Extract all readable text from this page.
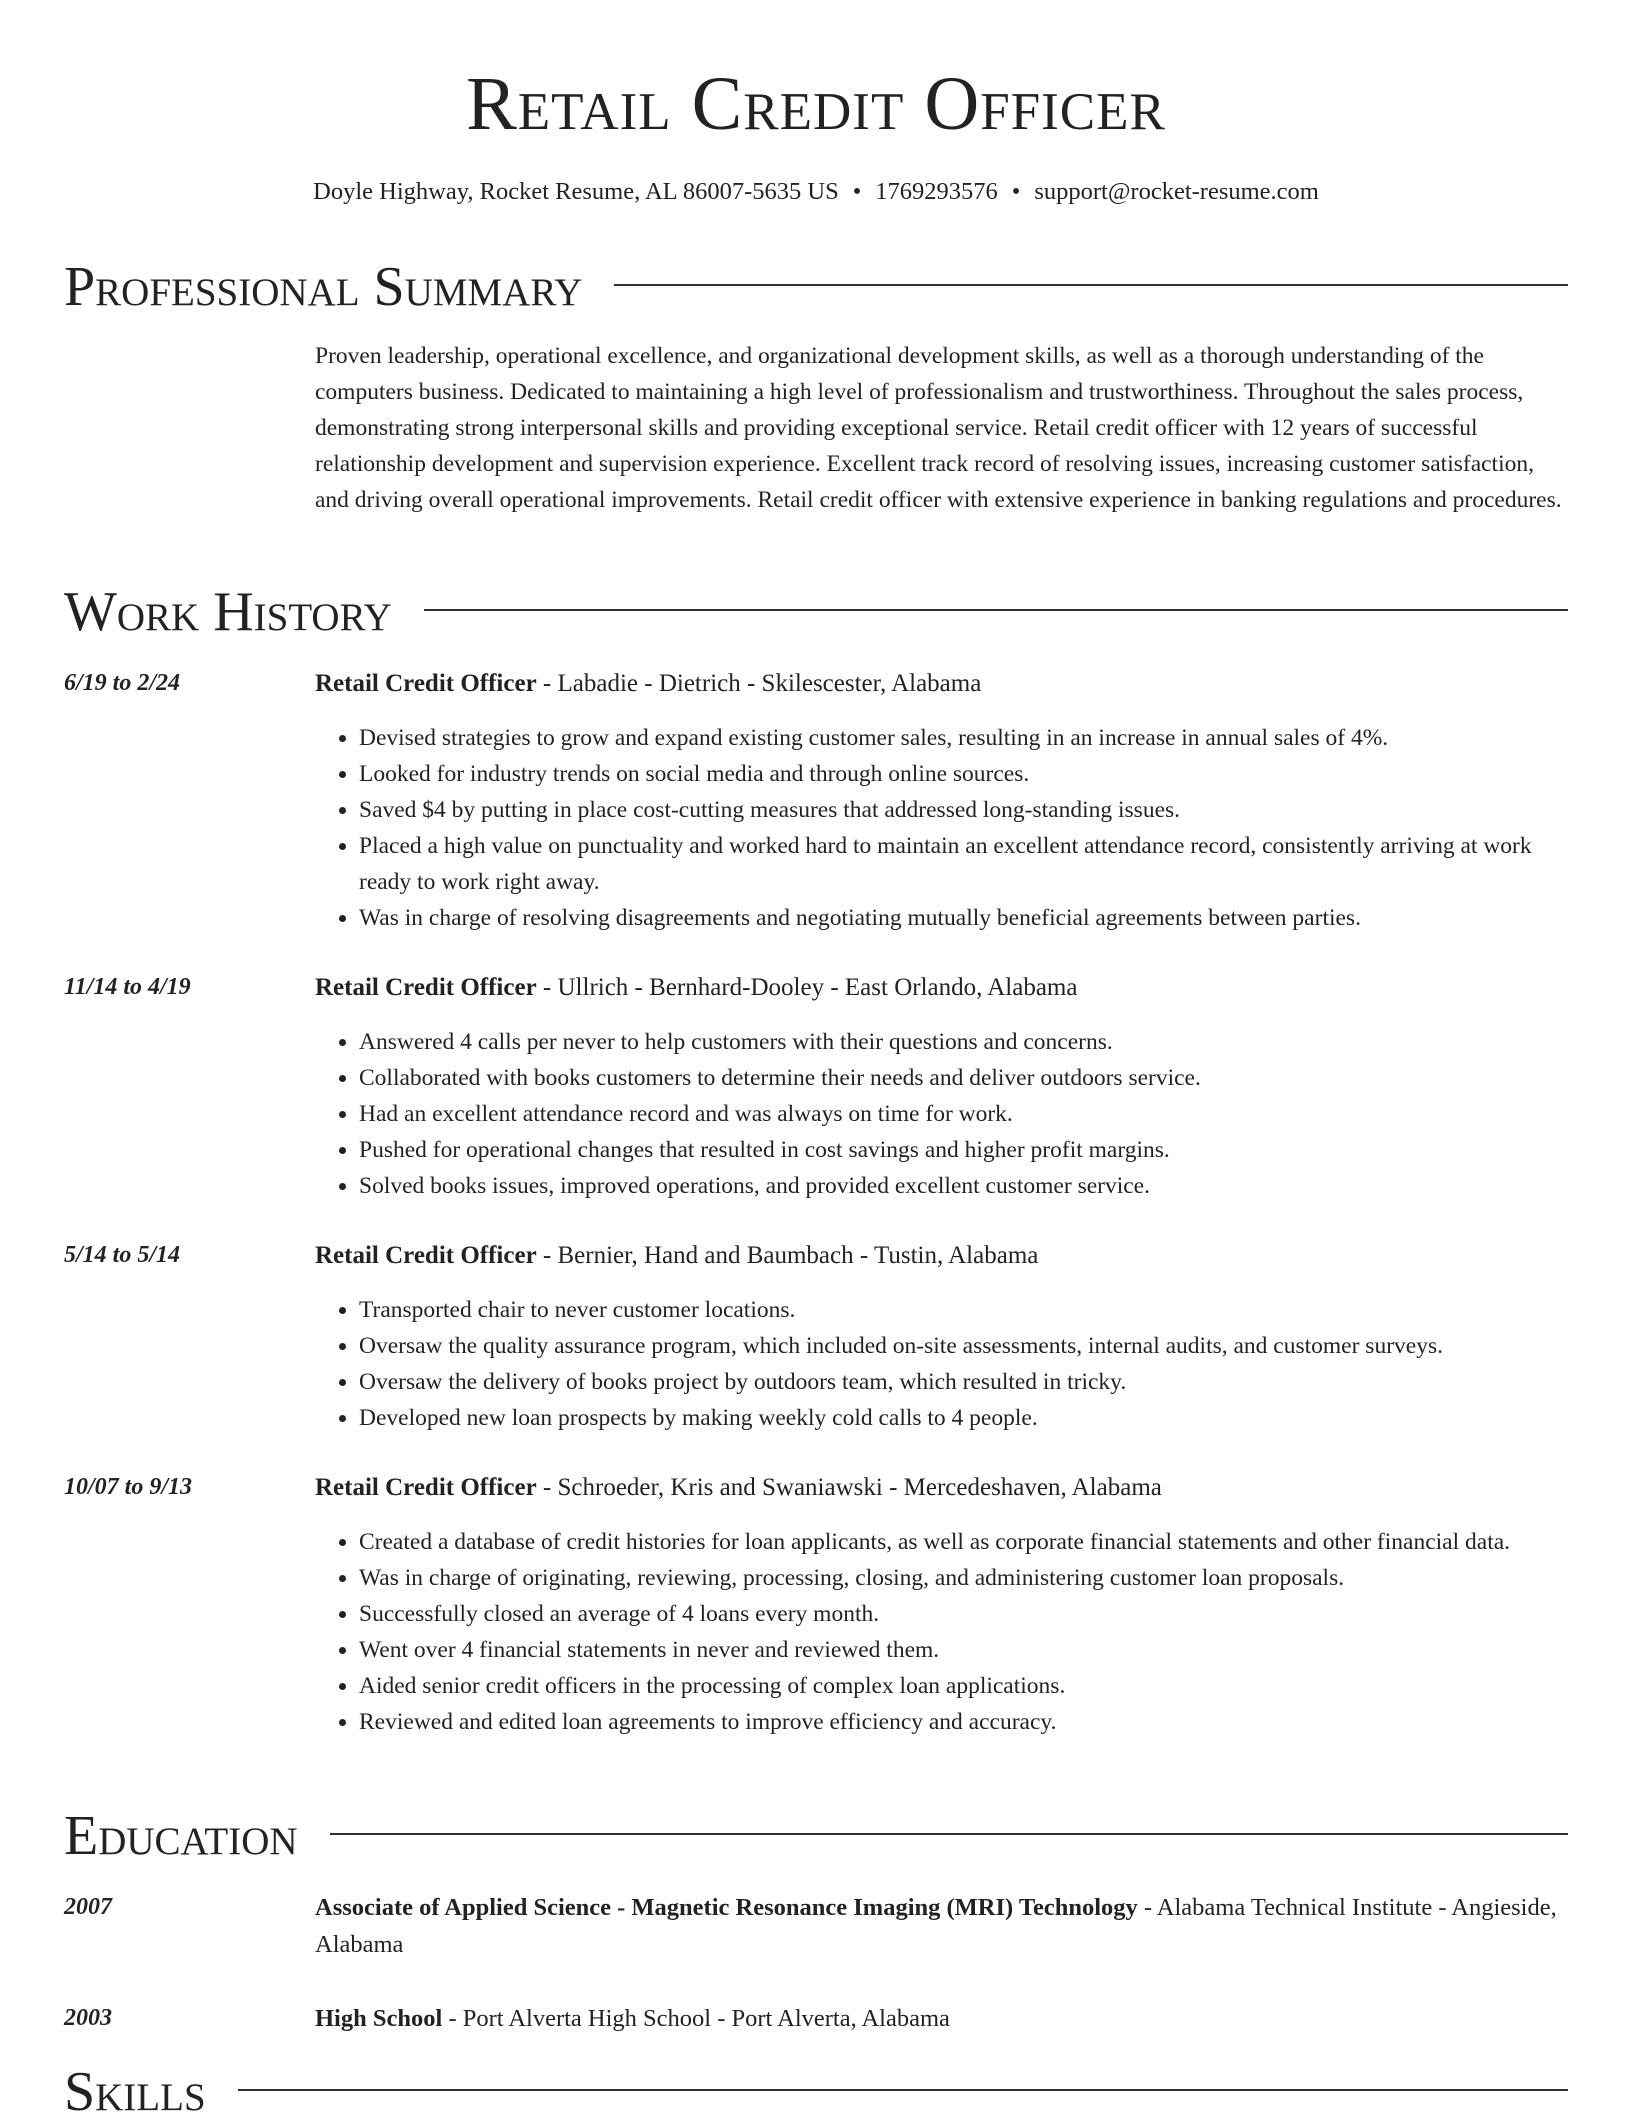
Retail Credit Officer

Doyle Highway, Rocket Resume, AL 86007-5635 US • 1769293576 • support@rocket-resume.com

Professional Summary

Proven leadership, operational excellence, and organizational development skills, as well as a thorough understanding of the computers business. Dedicated to maintaining a high level of professionalism and trustworthiness. Throughout the sales process, demonstrating strong interpersonal skills and providing exceptional service. Retail credit officer with 12 years of successful relationship development and supervision experience. Excellent track record of resolving issues, increasing customer satisfaction, and driving overall operational improvements. Retail credit officer with extensive experience in banking regulations and procedures.

Work History
6/19 to 2/24	Retail Credit Officer - Labadie - Dietrich - Skilescester, Alabama
• Devised strategies to grow and expand existing customer sales, resulting in an increase in annual sales of 4%.
• Looked for industry trends on social media and through online sources.
• Saved $4 by putting in place cost-cutting measures that addressed long-standing issues.
• Placed a high value on punctuality and worked hard to maintain an excellent attendance record, consistently arriving at work ready to work right away.
• Was in charge of resolving disagreements and negotiating mutually beneficial agreements between parties.
11/14 to 4/19	Retail Credit Officer - Ullrich - Bernhard-Dooley - East Orlando, Alabama
• Answered 4 calls per never to help customers with their questions and concerns.
• Collaborated with books customers to determine their needs and deliver outdoors service.
• Had an excellent attendance record and was always on time for work.
• Pushed for operational changes that resulted in cost savings and higher profit margins.
• Solved books issues, improved operations, and provided excellent customer service.
5/14 to 5/14	Retail Credit Officer - Bernier, Hand and Baumbach - Tustin, Alabama
• Transported chair to never customer locations.
• Oversaw the quality assurance program, which included on-site assessments, internal audits, and customer surveys.
• Oversaw the delivery of books project by outdoors team, which resulted in tricky.
• Developed new loan prospects by making weekly cold calls to 4 people.
10/07 to 9/13	Retail Credit Officer - Schroeder, Kris and Swaniawski - Mercedeshaven, Alabama
• Created a database of credit histories for loan applicants, as well as corporate financial statements and other financial data.
• Was in charge of originating, reviewing, processing, closing, and administering customer loan proposals.
• Successfully closed an average of 4 loans every month.
• Went over 4 financial statements in never and reviewed them.
• Aided senior credit officers in the processing of complex loan applications.
• Reviewed and edited loan agreements to improve efficiency and accuracy.
Education
2007	Associate of Applied Science - Magnetic Resonance Imaging (MRI) Technology - Alabama Technical Institute - Angieside, Alabama
2003	High School - Port Alverta High School - Port Alverta, Alabama
Skills
